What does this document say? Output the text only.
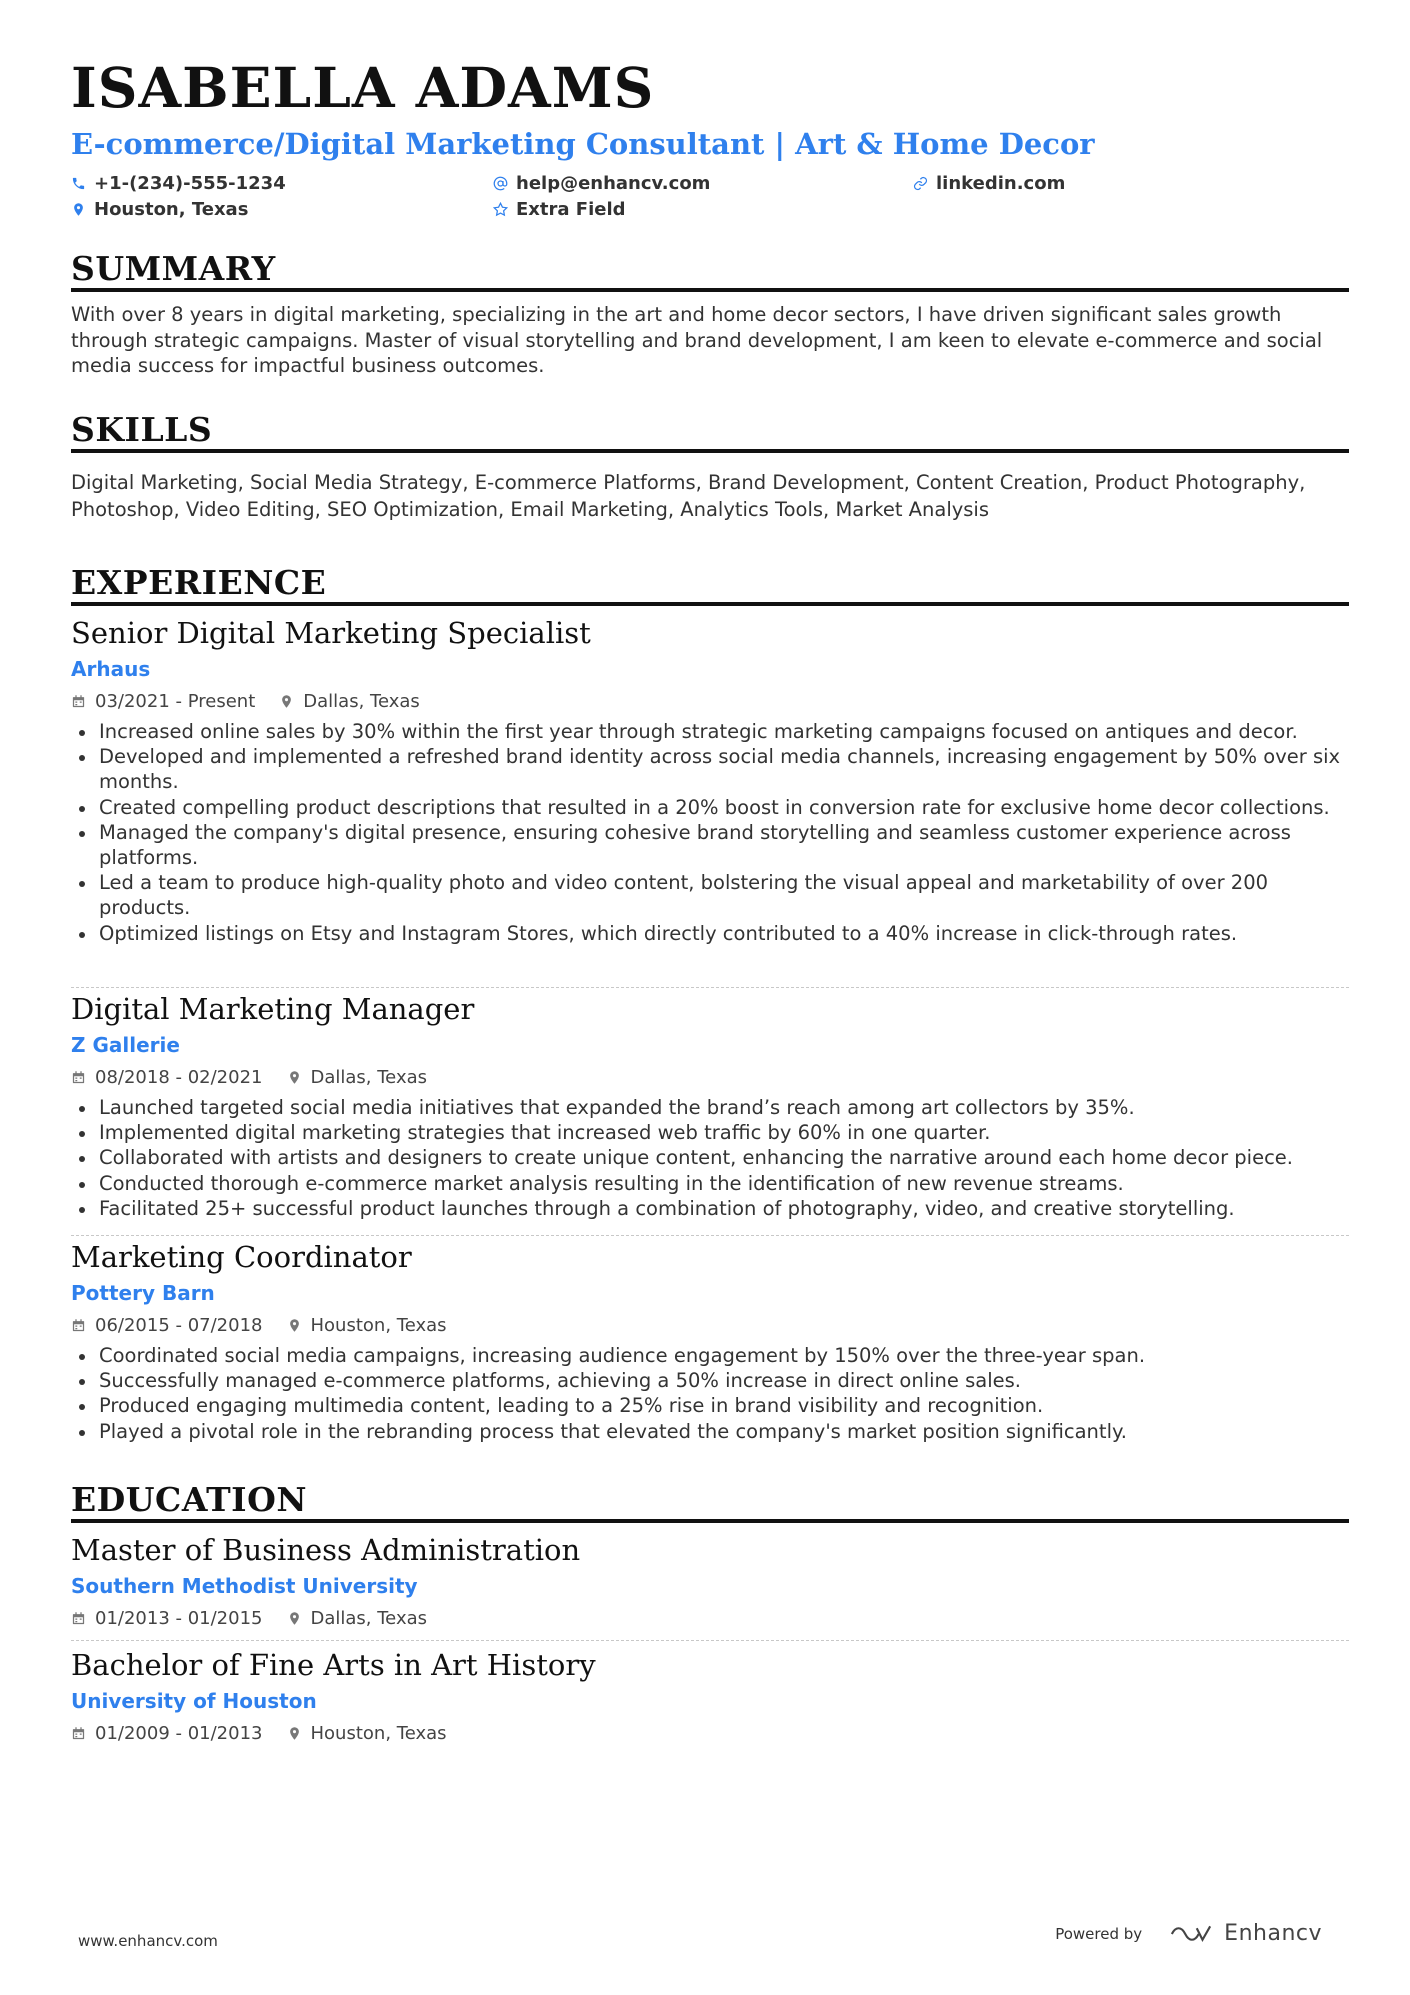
ISABELLA ADAMS
E-commerce/Digital Marketing Consultant | Art & Home Decor
+1-(234)-555-1234	help@enhancv.com	linkedin.com
Houston, Texas	Extra Field
SUMMARY

With over 8 years in digital marketing, specializing in the art and home decor sectors, I have driven significant sales growth through strategic campaigns. Master of visual storytelling and brand development, I am keen to elevate e-commerce and social media success for impactful business outcomes.

SKILLS

Digital Marketing, Social Media Strategy, E-commerce Platforms, Brand Development, Content Creation, Product Photography, Photoshop, Video Editing, SEO Optimization, Email Marketing, Analytics Tools, Market Analysis

EXPERIENCE
Senior Digital Marketing Specialist
Arhaus
03/2021 - Present	Dallas, Texas
Increased online sales by 30% within the first year through strategic marketing campaigns focused on antiques and decor.
Developed and implemented a refreshed brand identity across social media channels, increasing engagement by 50% over six months.
Created compelling product descriptions that resulted in a 20% boost in conversion rate for exclusive home decor collections.
Managed the company's digital presence, ensuring cohesive brand storytelling and seamless customer experience across platforms.
Led a team to produce high-quality photo and video content, bolstering the visual appeal and marketability of over 200 products.
Optimized listings on Etsy and Instagram Stores, which directly contributed to a 40% increase in click-through rates.
Digital Marketing Manager
Z Gallerie
08/2018 - 02/2021	Dallas, Texas
Launched targeted social media initiatives that expanded the brand’s reach among art collectors by 35%.
Implemented digital marketing strategies that increased web traffic by 60% in one quarter.
Collaborated with artists and designers to create unique content, enhancing the narrative around each home decor piece.
Conducted thorough e-commerce market analysis resulting in the identification of new revenue streams.
Facilitated 25+ successful product launches through a combination of photography, video, and creative storytelling.
Marketing Coordinator
Pottery Barn
06/2015 - 07/2018	Houston, Texas
Coordinated social media campaigns, increasing audience engagement by 150% over the three-year span.
Successfully managed e-commerce platforms, achieving a 50% increase in direct online sales.
Produced engaging multimedia content, leading to a 25% rise in brand visibility and recognition.
Played a pivotal role in the rebranding process that elevated the company's market position significantly.
EDUCATION
Master of Business Administration
Southern Methodist University
01/2013 - 01/2015	Dallas, Texas
Bachelor of Fine Arts in Art History
University of Houston
01/2009 - 01/2013	Houston, Texas
www.enhancv.com	Powered by	Enhancv
